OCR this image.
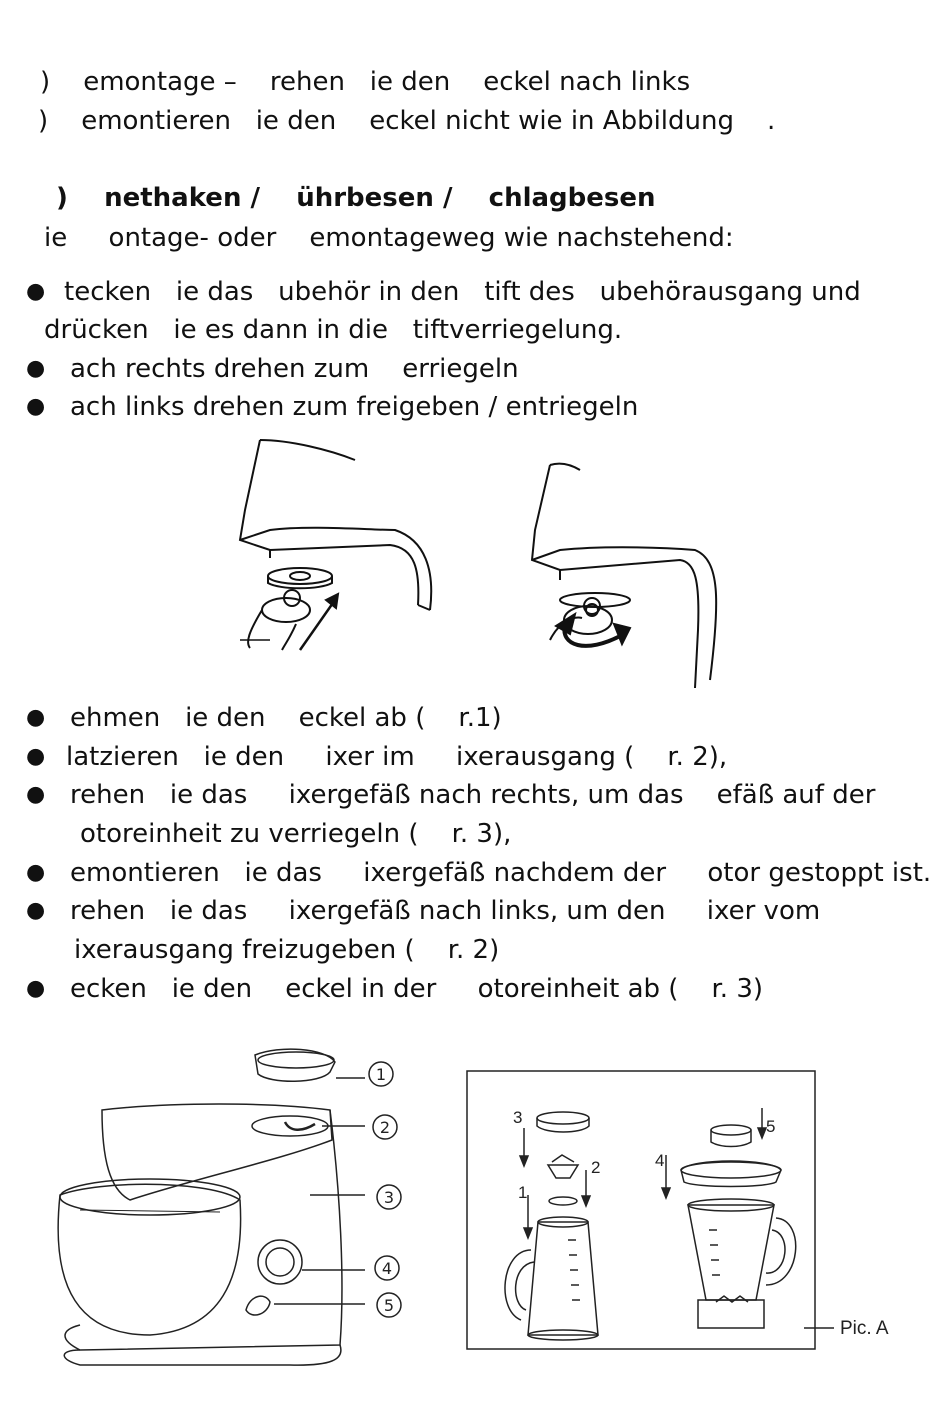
)    emontage –    rehen   ie den    eckel nach links
)    emontieren   ie den    eckel nicht wie in Abbildung    .
)    nethaken /    ührbesen /    chlagbesen
ie     ontage- oder    emontageweg wie nachstehend:
● tecken   ie das   ubehör in den   tift des   ubehörausgang und
drücken   ie es dann in die   tiftverriegelung.
● ach rechts drehen zum    erriegeln
● ach links drehen zum freigeben / entriegeln
● ehmen   ie den    eckel ab (    r.1)
● latzieren   ie den     ixer im     ixerausgang (    r. 2),
● rehen   ie das     ixergefäß nach rechts, um das    efäß auf der
otoreinheit zu verriegeln (    r. 3),
● emontieren   ie das     ixergefäß nachdem der     otor gestoppt ist.
● rehen   ie das     ixergefäß nach links, um den     ixer vom
ixerausgang freizugeben (    r. 2)
● ecken   ie den    eckel in der     otoreinheit ab (    r. 3)
1
2
3
4
5
3
2
1
4
5
Pic. A
